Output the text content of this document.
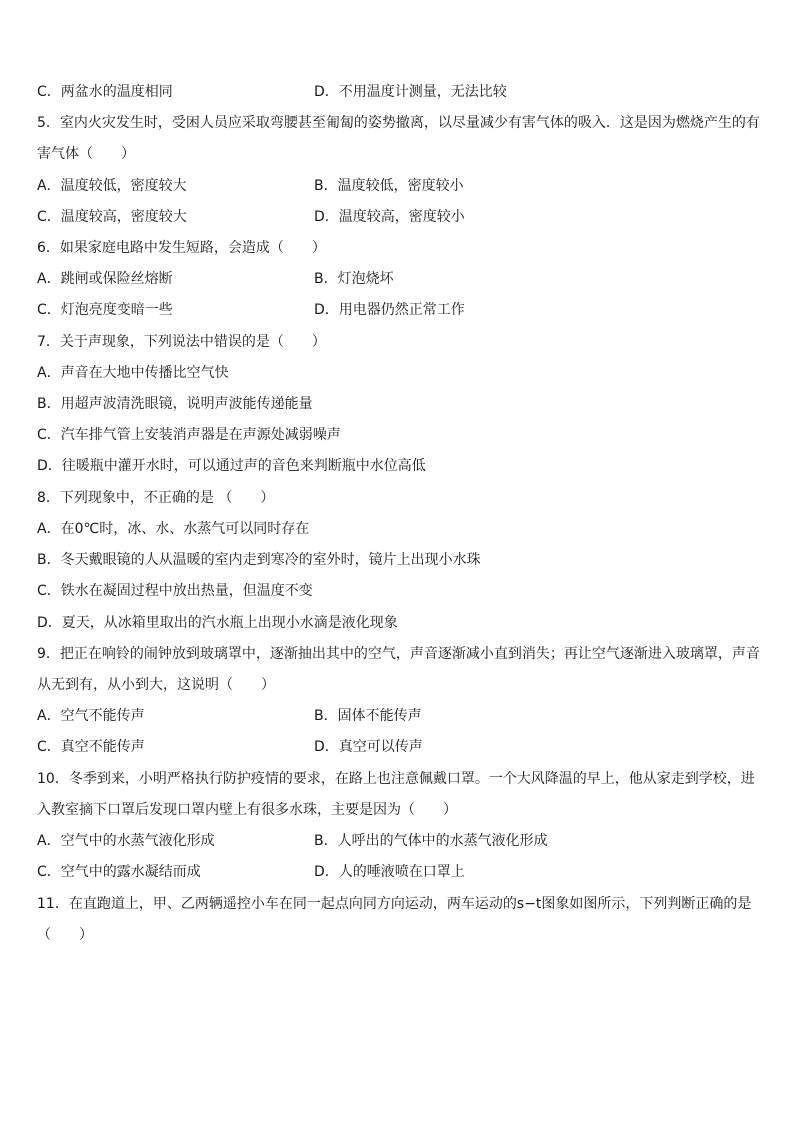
C．两盆水的温度相同	D．不用温度计测量，无法比较
5．室内火灾发生时，受困人员应采取弯腰甚至匍匐的姿势撤离，以尽量减少有害气体的吸入．这是因为燃烧产生的有
害气体（　　）
A．温度较低，密度较大	B．温度较低，密度较小
C．温度较高，密度较大	D．温度较高，密度较小
6．如果家庭电路中发生短路，会造成（　　）
A．跳闸或保险丝熔断	B．灯泡烧坏
C．灯泡亮度变暗一些	D．用电器仍然正常工作
7．关于声现象，下列说法中错误的是（　　）
A．声音在大地中传播比空气快
B．用超声波清洗眼镜，说明声波能传递能量
C．汽车排气管上安装消声器是在声源处减弱噪声
D．往暖瓶中灌开水时，可以通过声的音色来判断瓶中水位高低
8．下列现象中，不正确的是 （　　）
A．在0℃时，冰、水、水蒸气可以同时存在
B．冬天戴眼镜的人从温暖的室内走到寒冷的室外时，镜片上出现小水珠
C．铁水在凝固过程中放出热量，但温度不变
D．夏天，从冰箱里取出的汽水瓶上出现小水滴是液化现象
9．把正在响铃的闹钟放到玻璃罩中，逐渐抽出其中的空气，声音逐渐减小直到消失；再让空气逐渐进入玻璃罩，声音
从无到有，从小到大，这说明（　　）
A．空气不能传声	B．固体不能传声
C．真空不能传声	D．真空可以传声
10．冬季到来，小明严格执行防护疫情的要求，在路上也注意佩戴口罩。一个大风降温的早上，他从家走到学校，进
入教室摘下口罩后发现口罩内壁上有很多水珠，主要是因为（　　）
A．空气中的水蒸气液化形成	B．人呼出的气体中的水蒸气液化形成
C．空气中的露水凝结而成	D．人的唾液喷在口罩上
11．在直跑道上，甲、乙两辆遥控小车在同一起点向同方向运动，两车运动的s−t图象如图所示，下列判断正确的是
（　　）
